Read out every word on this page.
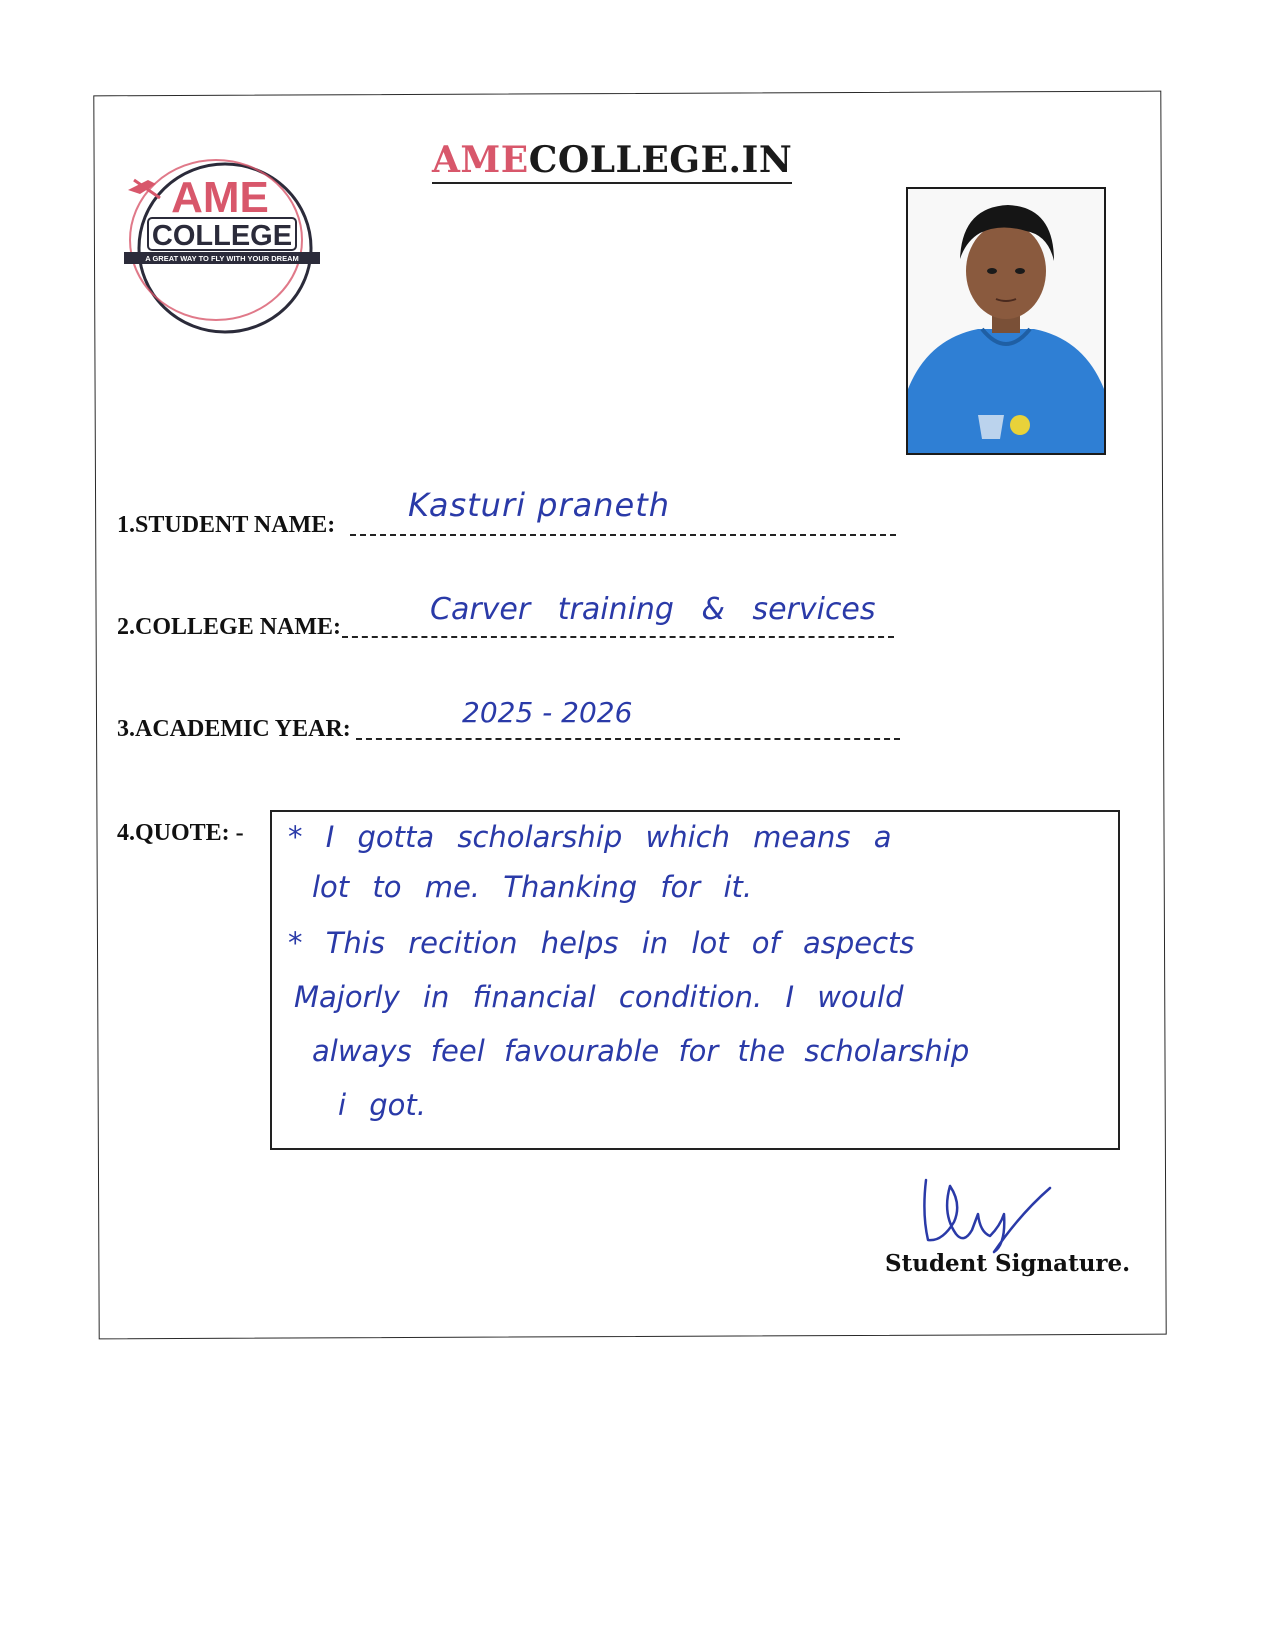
AMECOLLEGE.IN
AME
COLLEGE
A GREAT WAY TO FLY WITH YOUR DREAM
1.STUDENT NAME:
Kasturi praneth
2.COLLEGE NAME:	Carver training & services
3.ACADEMIC YEAR:	2025 - 2026
4.QUOTE: - * I gotta scholarship which means a
lot to me. Thanking for it.
* This recition helps in lot of aspects
Majorly in financial condition. I would
always feel favourable for the scholarship
i got.
Student Signature.
